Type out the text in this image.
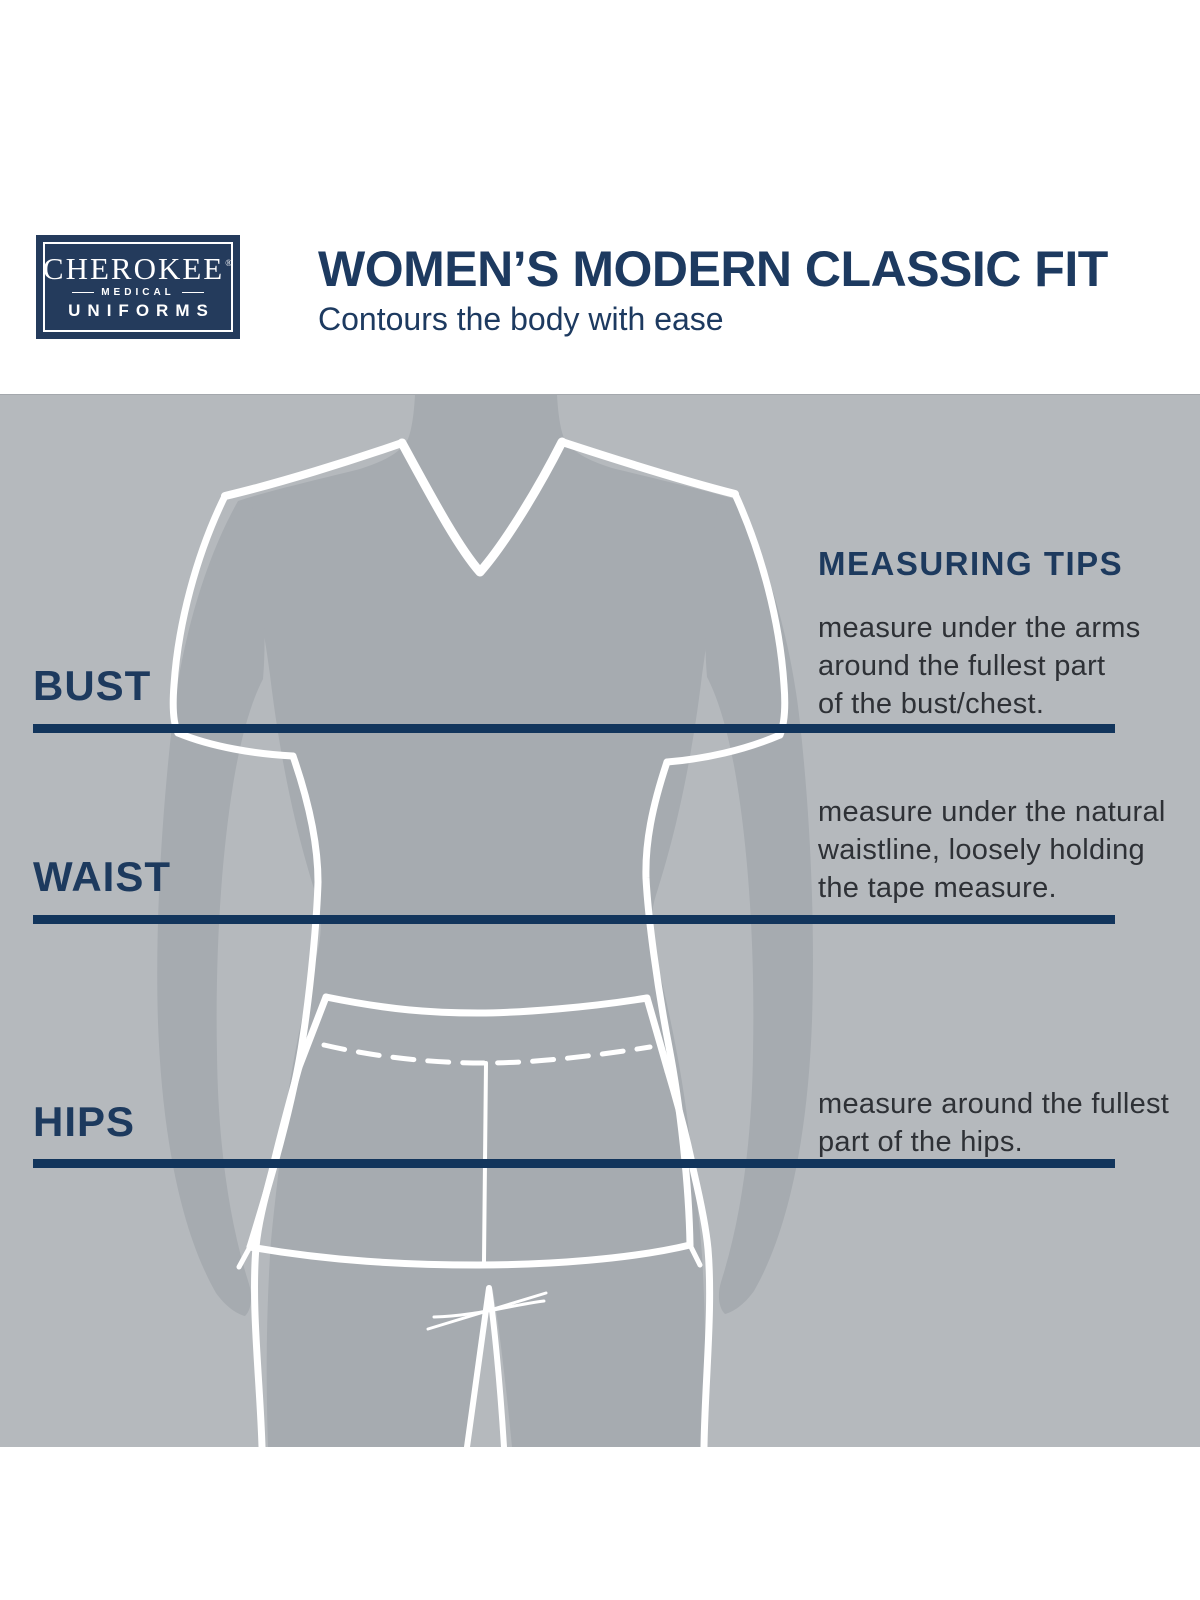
CHEROKEE®
MEDICAL
UNIFORMS
WOMEN’S MODERN CLASSIC FIT

Contours the body with ease

BUST
WAIST
HIPS
MEASURING TIPS
measure under the arms
around the fullest part
of the bust/chest.
measure under the natural
waistline, loosely holding
the tape measure.
measure around the fullest
part of the hips.
